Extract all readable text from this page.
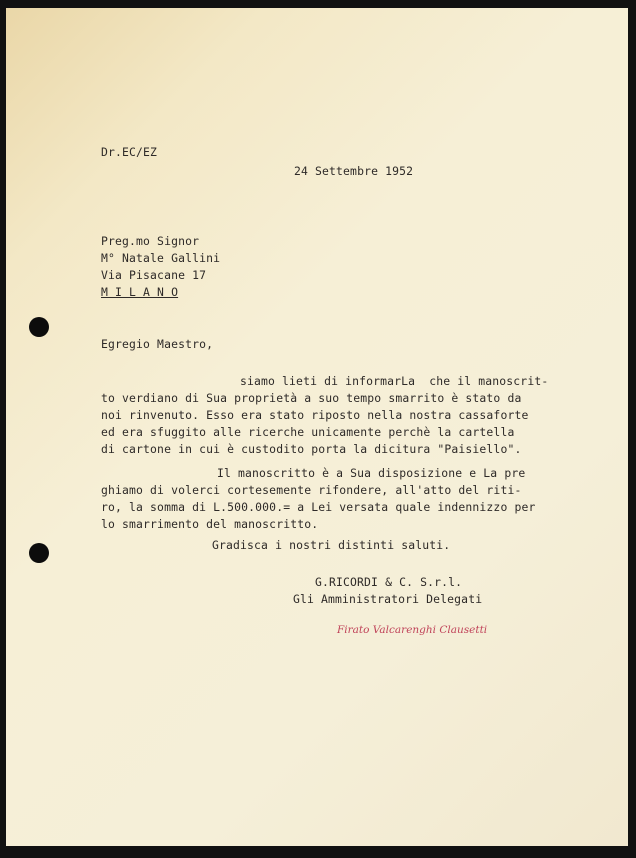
Dr.EC/EZ
24 Settembre 1952
Preg.mo Signor
M° Natale Gallini
Via Pisacane 17
M I L A N O
Egregio Maestro,
siamo lieti di informarLa  che il manoscrit-
to verdiano di Sua proprietà a suo tempo smarrito è stato da
noi rinvenuto. Esso era stato riposto nella nostra cassaforte
ed era sfuggito alle ricerche unicamente perchè la cartella
di cartone in cui è custodito porta la dicitura "Paisiello".
Il manoscritto è a Sua disposizione e La pre
ghiamo di volerci cortesemente rifondere, all'atto del riti-
ro, la somma di L.500.000.= a Lei versata quale indennizzo per
lo smarrimento del manoscritto.
Gradisca i nostri distinti saluti.
G.RICORDI & C. S.r.l.
Gli Amministratori Delegati
Firato Valcarenghi Clausetti
